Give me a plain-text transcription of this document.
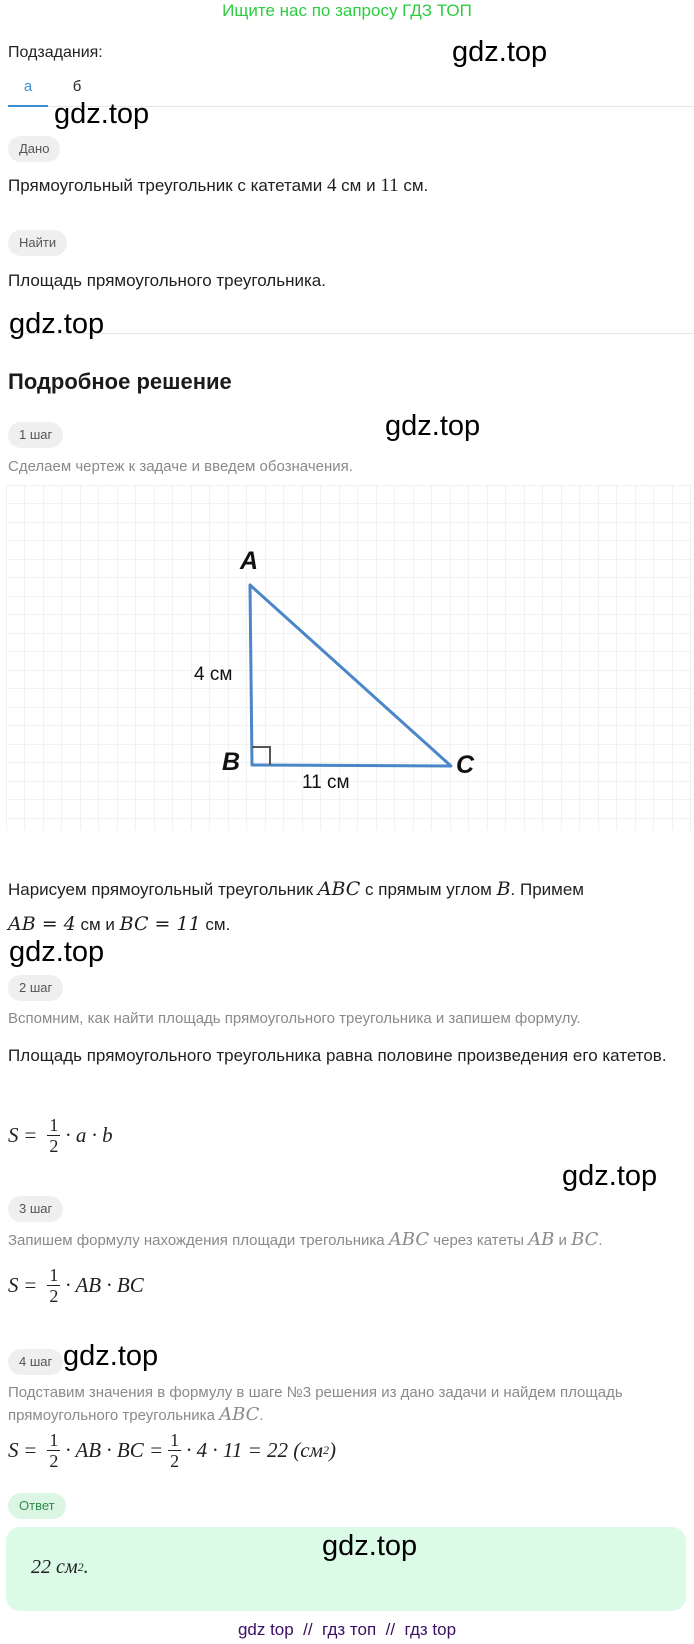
Ищите нас по запросу ГДЗ ТОП
Подзадания:	gdz.top
а	б
gdz.top
Дано
Прямоугольный треугольник с катетами 4 см и 11 см.
Найти
Площадь прямоугольного треугольника.
gdz.top
Подробное решение
gdz.top
1 шаг
Сделаем чертеж к задаче и введем обозначения.
A
B	C
4 см
11 см
Нарисуем прямоугольный треугольник ABC с прямым углом B. Примем
AB = 4 см и BC = 11 см.
gdz.top
2 шаг
Вспомним, как найти площадь прямоугольного треугольника и запишем формулу.
Площадь прямоугольного треугольника равна половине произведения его катетов.
$S = \frac{1}{2} \cdot a \cdot b$
gdz.top
3 шаг
Запишем формулу нахождения площади трегольника ABC через катеты AB и BC.
$S = \frac{1}{2}$ · AB · BC
4 шаг gdz.top
Подставим значения в формулу в шаге №3 решения из дано задачи и найдем площадь прямоугольного треугольника ABC.
$S = \frac{1}{2}$ · AB · BC = $\frac{1}{2} \cdot 4 \cdot 11 = 22$ (см 2 )
Ответ
22 см 2 .
gdz.top
gdz top  //  гдз топ  //  гдз top
